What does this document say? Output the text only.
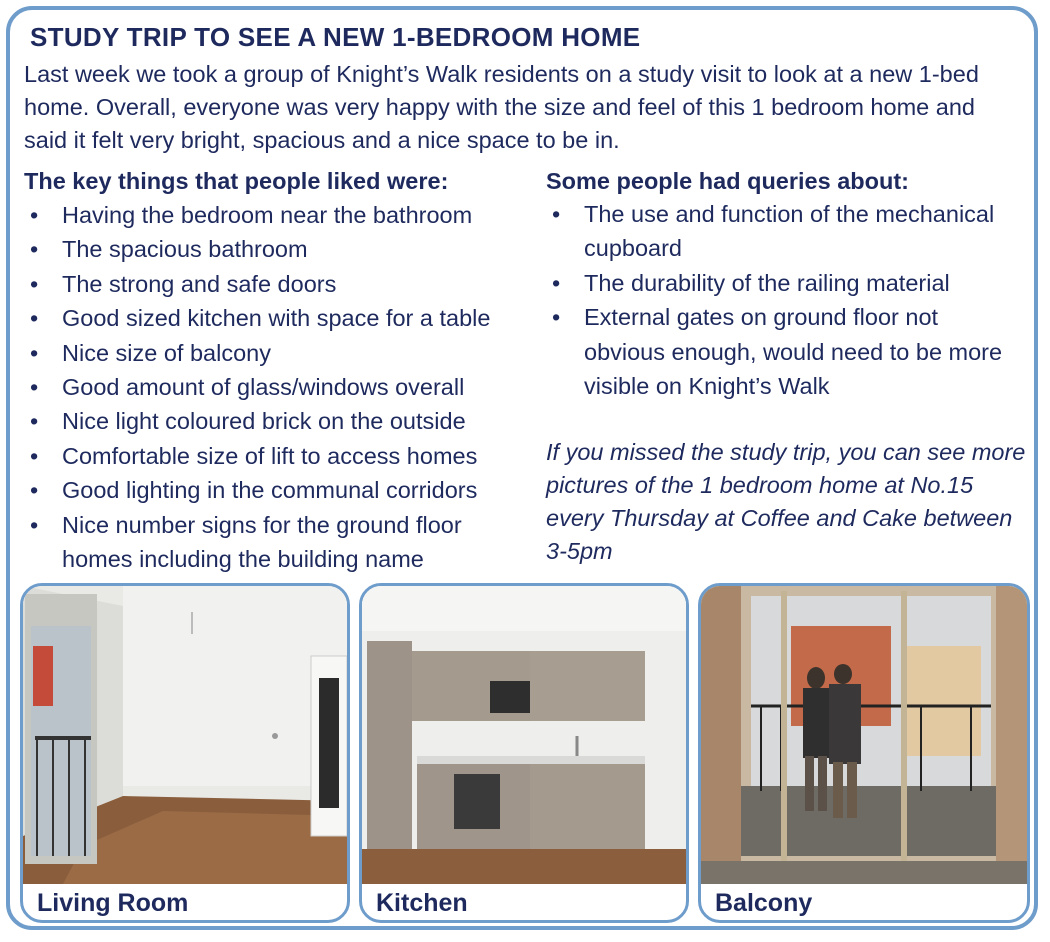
STUDY TRIP TO SEE A NEW 1-BEDROOM HOME

Last week we took a group of Knight’s Walk residents on a study visit to look at a new 1-bed home. Overall, everyone was very happy with the size and feel of this 1 bedroom home and said it felt very bright, spacious and a nice space to be in.

The key things that people liked were:
• Having the bedroom near the bathroom
• The spacious bathroom
• The strong and safe doors
• Good sized kitchen with space for a table
• Nice size of balcony
• Good amount of glass/windows overall
• Nice light coloured brick on the outside
• Comfortable size of lift to access homes
• Good lighting in the communal corridors
• Nice number signs for the ground floor homes including the building name
Some people had queries about:
• The use and function of the mechanical cupboard
• The durability of the railing material
• External gates on ground floor not obvious enough, would need to be more visible on Knight’s Walk

If you missed the study trip, you can see more pictures of the 1 bedroom home at No.15 every Thursday at Coffee and Cake between 3-5pm

Living Room	Kitchen	Balcony
